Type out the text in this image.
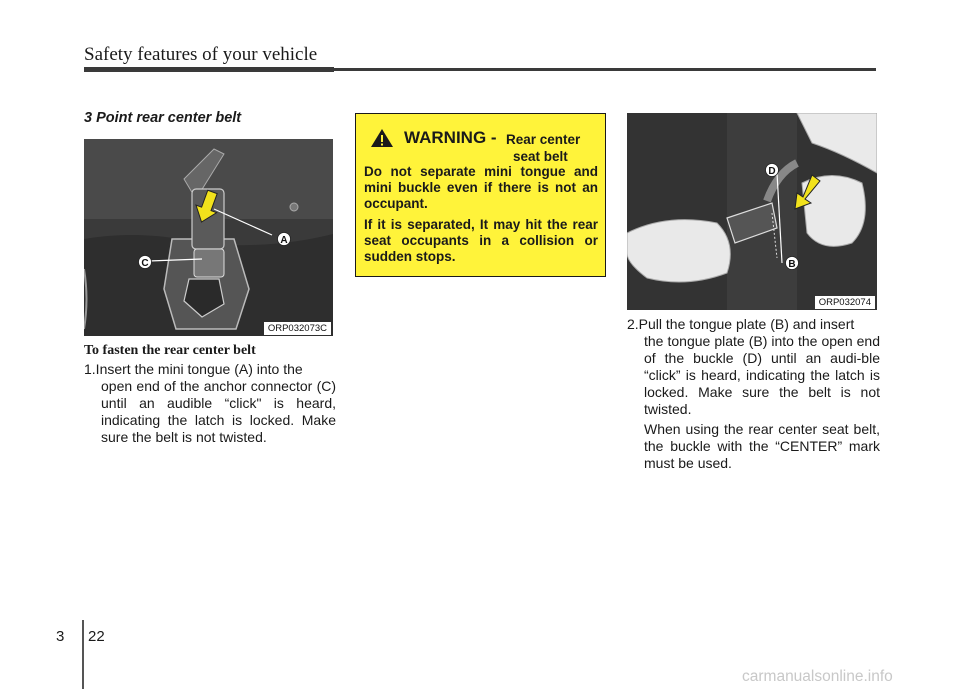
Safety features of your vehicle
3 Point rear center belt
A
C
ORP032073C
D
B
ORP032074
To fasten the rear center belt

1.Insert the mini tongue (A) into the

open end of the anchor connector (C) until an audible “click" is heard, indicating the latch is locked. Make sure the belt is not twisted.

2.Pull the tongue plate (B) and insert

the tongue plate (B) into the open end of the buckle (D) until an audi-ble “click” is heard, indicating the latch is locked. Make sure the belt is not twisted.

When using the rear center seat belt, the buckle with the “CENTER” mark must be used.

WARNING - Rear center
seat belt

Do not separate mini tongue and mini buckle even if there is not an occupant.

If it is separated, It may hit the rear seat occupants in a collision or sudden stops.

3 22
carmanualsonline.info
